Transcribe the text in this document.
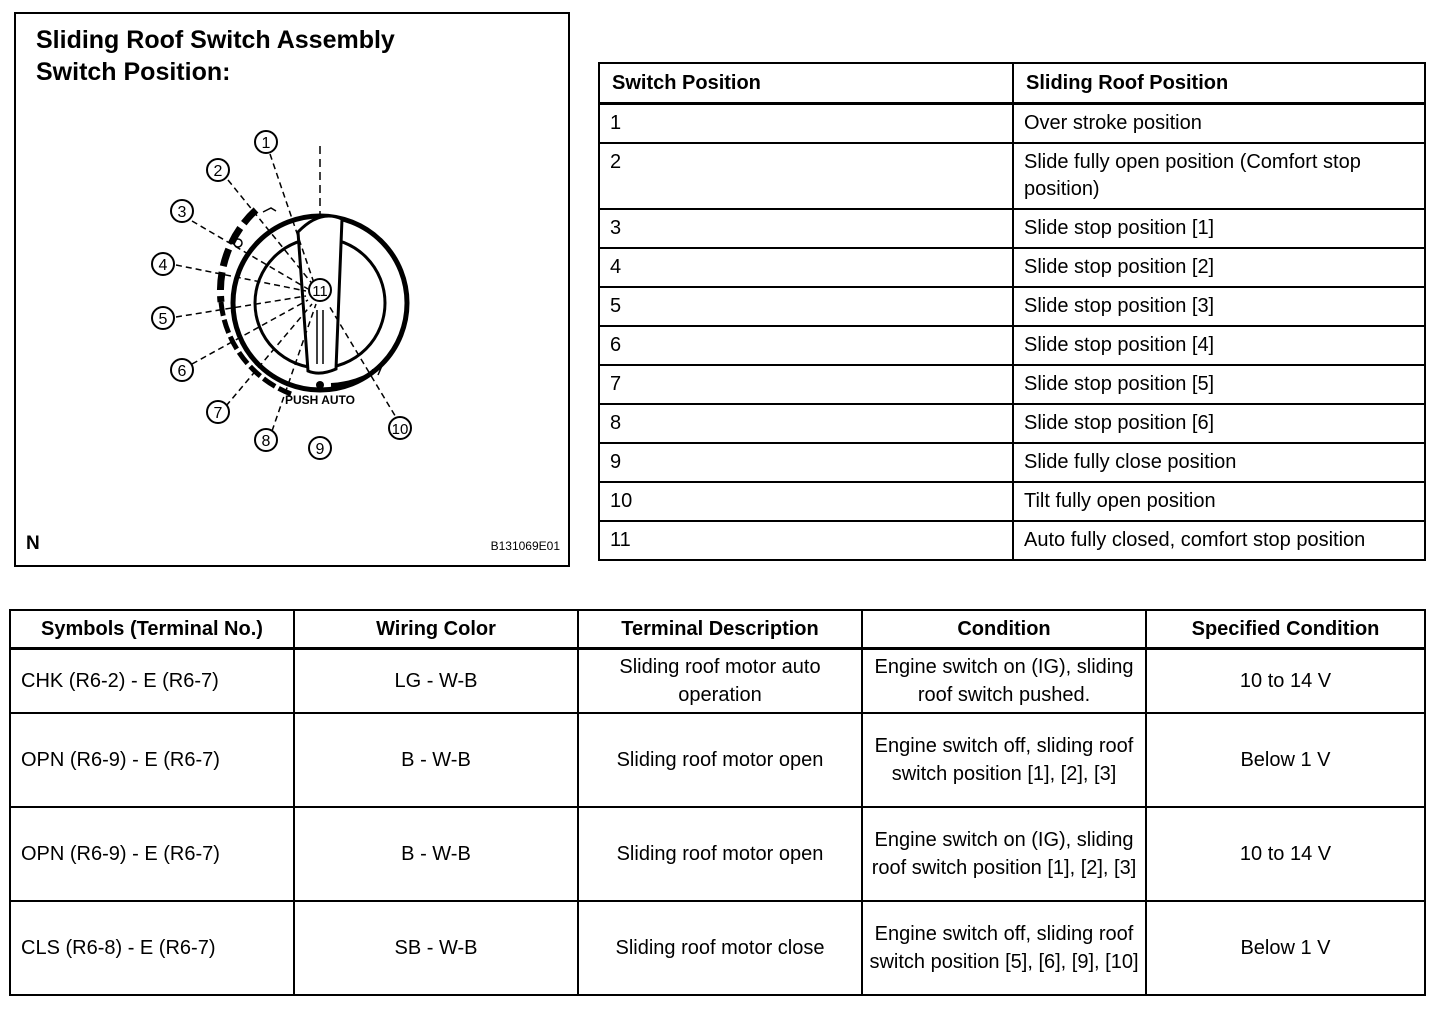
Sliding Roof Switch Assembly
Switch Position:
1
2
3
4
5
6
7
8	9
10
11
PUSH AUTO
N	B131069E01
Switch Position	Sliding Roof Position
1	Over stroke position
2	Slide fully open position (Comfort stop position)
3	Slide stop position [1]
4	Slide stop position [2]
5	Slide stop position [3]
6	Slide stop position [4]
7	Slide stop position [5]
8	Slide stop position [6]
9	Slide fully close position
10	Tilt fully open position
11	Auto fully closed, comfort stop position
Symbols (Terminal No.)	Wiring Color	Terminal Description	Condition	Specified Condition
CHK (R6-2) - E (R6-7)	LG - W-B	Sliding roof motor auto operation	Engine switch on (IG), sliding roof switch pushed.	10 to 14 V
OPN (R6-9) - E (R6-7)	B - W-B	Sliding roof motor open	Engine switch off, sliding roof switch position [1], [2], [3]	Below 1 V
OPN (R6-9) - E (R6-7)	B - W-B	Sliding roof motor open	Engine switch on (IG), sliding roof switch position [1], [2], [3]	10 to 14 V
CLS (R6-8) - E (R6-7)	SB - W-B	Sliding roof motor close	Engine switch off, sliding roof switch position [5], [6], [9], [10]	Below 1 V
